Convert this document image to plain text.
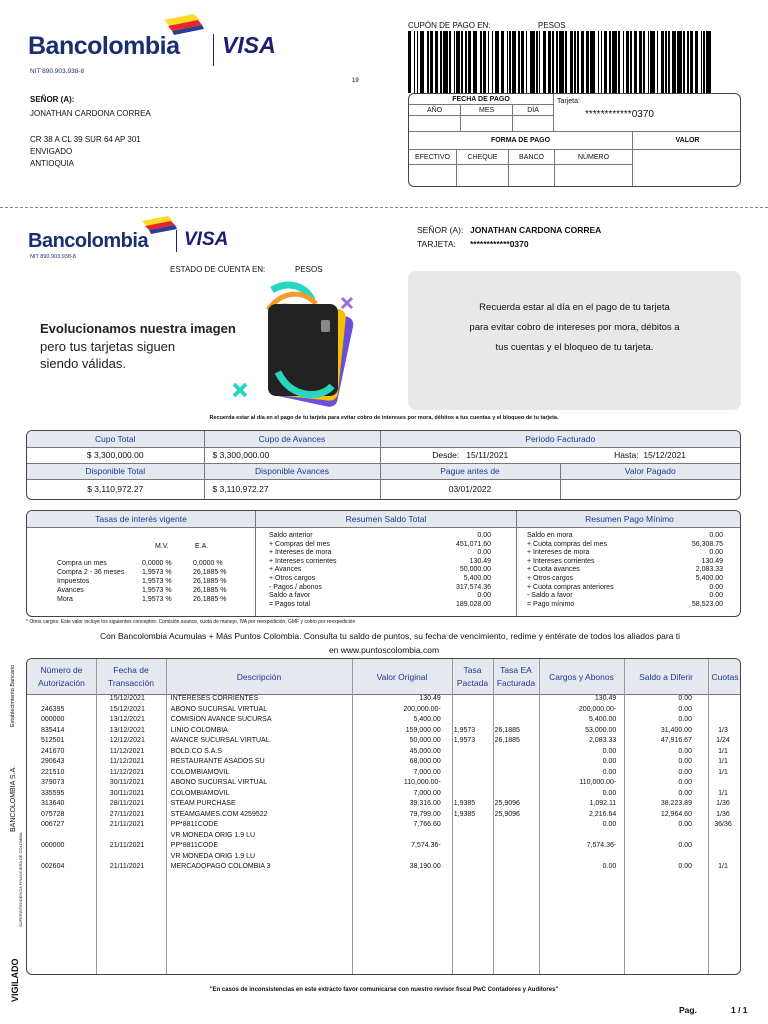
Bancolombia VISA
NIT 890.903.938-8
CUPÓN DE PAGO EN:	PESOS
19
SEÑOR (A):
JONATHAN CARDONA CORREA
CR 38 A CL 39 SUR 64 AP 301
ENVIGADO
ANTIOQUIA
FECHA DE PAGO		
AÑO	MES	DÍA

Tarjeta:
************0370
FORMA DE PAGO				VALOR
EFECTIVO	CHEQUE	BANCO	NÚMERO	

Bancolombia VISA
NIT 890.903.938-8
SEÑOR (A): JONATHAN CARDONA CORREA
TARJETA: ************0370
ESTADO DE CUENTA EN:	PESOS
Evolucionamos nuestra imagen
pero tus tarjetas siguen
siendo válidas.
Recuerda estar al día en el pago de tu tarjeta
para evitar cobro de intereses por mora, débitos a
tus cuentas y el bloqueo de tu tarjeta.
Recuerda estar al día en el pago de tu tarjeta para evitar cobro de intereses por mora, débitos a tus cuentas y el bloqueo de tu tarjeta.
Cupo Total	Cupo de Avances	Periodo Facturado	
$ 3,300,000.00	$ 3,300,000.00	Desde: 15/11/2021	Hasta: 15/12/2021
Disponible Total	Disponible Avances	Pague antes de	Valor Pagado
$ 3,110,972.27	$ 3,110,972.27	03/01/2022	
Tasas de interés vigente	Resumen Saldo Total	Resumen Pago Mínimo
M.V.	E.A.
Compra un mes	0,0000 %	0,0000 %
Compra 2 - 36 meses	1,9573 %	26,1885 %
Impuestos	1,9573 %	26,1885 %
Avances	1,9573 %	26,1885 %
Mora	1,9573 %	26,1885 %
Saldo anterior	0.00
+ Compras del mes	451,071.60
+ Intereses de mora	0.00
+ Intereses corrientes	130.49
+ Avances	50,000.00
+ Otros cargos	5,400.00
- Pagos / abonos	317,574.36
Saldo a favor	0.00
= Pagos total	189,028.00
Saldo en mora	0.00
+ Cuota compras del mes	56,308.75
+ Intereses de mora	0.00
+ Intereses corrientes	130.49
+ Cuota avances	2,083.33
+ Otros cargos	5,400.00
+ Cuota compras anteriores	0.00
- Saldo a favor	0.00
= Pago mínimo	58,523.00
* Otros cargos: Este valor incluye los siguientes conceptos: Comisión avance, cuota de manejo, IVA por reexpedición, GMF y cobro por reexpedición
Con Bancolombia Acumulas + Más Puntos Colombia. Consulta tu saldo de puntos, su fecha de vencimiento, redime y entérate de todos los aliados para ti
en www.puntoscolombia.com
Establecimiento Bancario
BANCOLOMBIA S.A.
SUPERINTENDENCIA FINANCIERA DE COLOMBIA
VIGILADO
Número de Autorización
Fecha de Transacción
Descripción	Valor Original
Tasa Pactada
Tasa EA Facturada
Cargos y Abonos	Saldo a Diferir	Cuotas
	15/12/2021	INTERESES CORRIENTES	130.49			130.49	0.00	
246395	15/12/2021	ABONO SUCURSAL VIRTUAL	200,000.00-			200,000.00-	0.00	
000000	13/12/2021	COMISION AVANCE SUCURSA	5,400.00			5,400.00	0.00	
835414	13/12/2021	LINIO COLOMBIA	159,000.00	1,9573	26,1885	53,000.00	31,400.00	1/3
512501	12/12/2021	AVANCE SUCURSAL VIRTUAL	50,000.00	1,9573	26,1885	2,083.33	47,916.67	1/24
241670	11/12/2021	BOLD.CO S.A.S	45,000.00			0.00	0.00	1/1
290643	11/12/2021	RESTAURANTE ASADOS SU	68,000.00			0.00	0.00	1/1
221510	11/12/2021	COLOMBIAMOVIL	7,000.00			0.00	0.00	1/1
379073	30/11/2021	ABONO SUCURSAL VIRTUAL	110,000.00-			110,000.00-	0.00	
335595	30/11/2021	COLOMBIAMOVIL	7,000.00			0.00	0.00	1/1
313640	28/11/2021	STEAM PURCHASE	39,316.00	1,9385	25,9096	1,092.11	38,223.89	1/36
075728	27/11/2021	STEAMGAMES.COM 4259522	79,799.00	1,9385	25,9096	2,216.64	12,964.60	1/36
006727	21/11/2021	PP*8811CODE	7,766.60			0.00	0.00	36/36
		VR MONEDA ORIG 1.9 LU						
000000	21/11/2021	PP*8811CODE	7,574.36-			7,574.36-	0.00	
		VR MONEDA ORIG 1.9 LU						
002604	21/11/2021	MERCADOPAGO COLOMBIA 3	38,190.00			0.00	0.00	1/1
"En casos de inconsistencias en este extracto favor comunicarse con nuestro revisor fiscal PwC Contadores y Auditores"
Pag.	1 / 1
